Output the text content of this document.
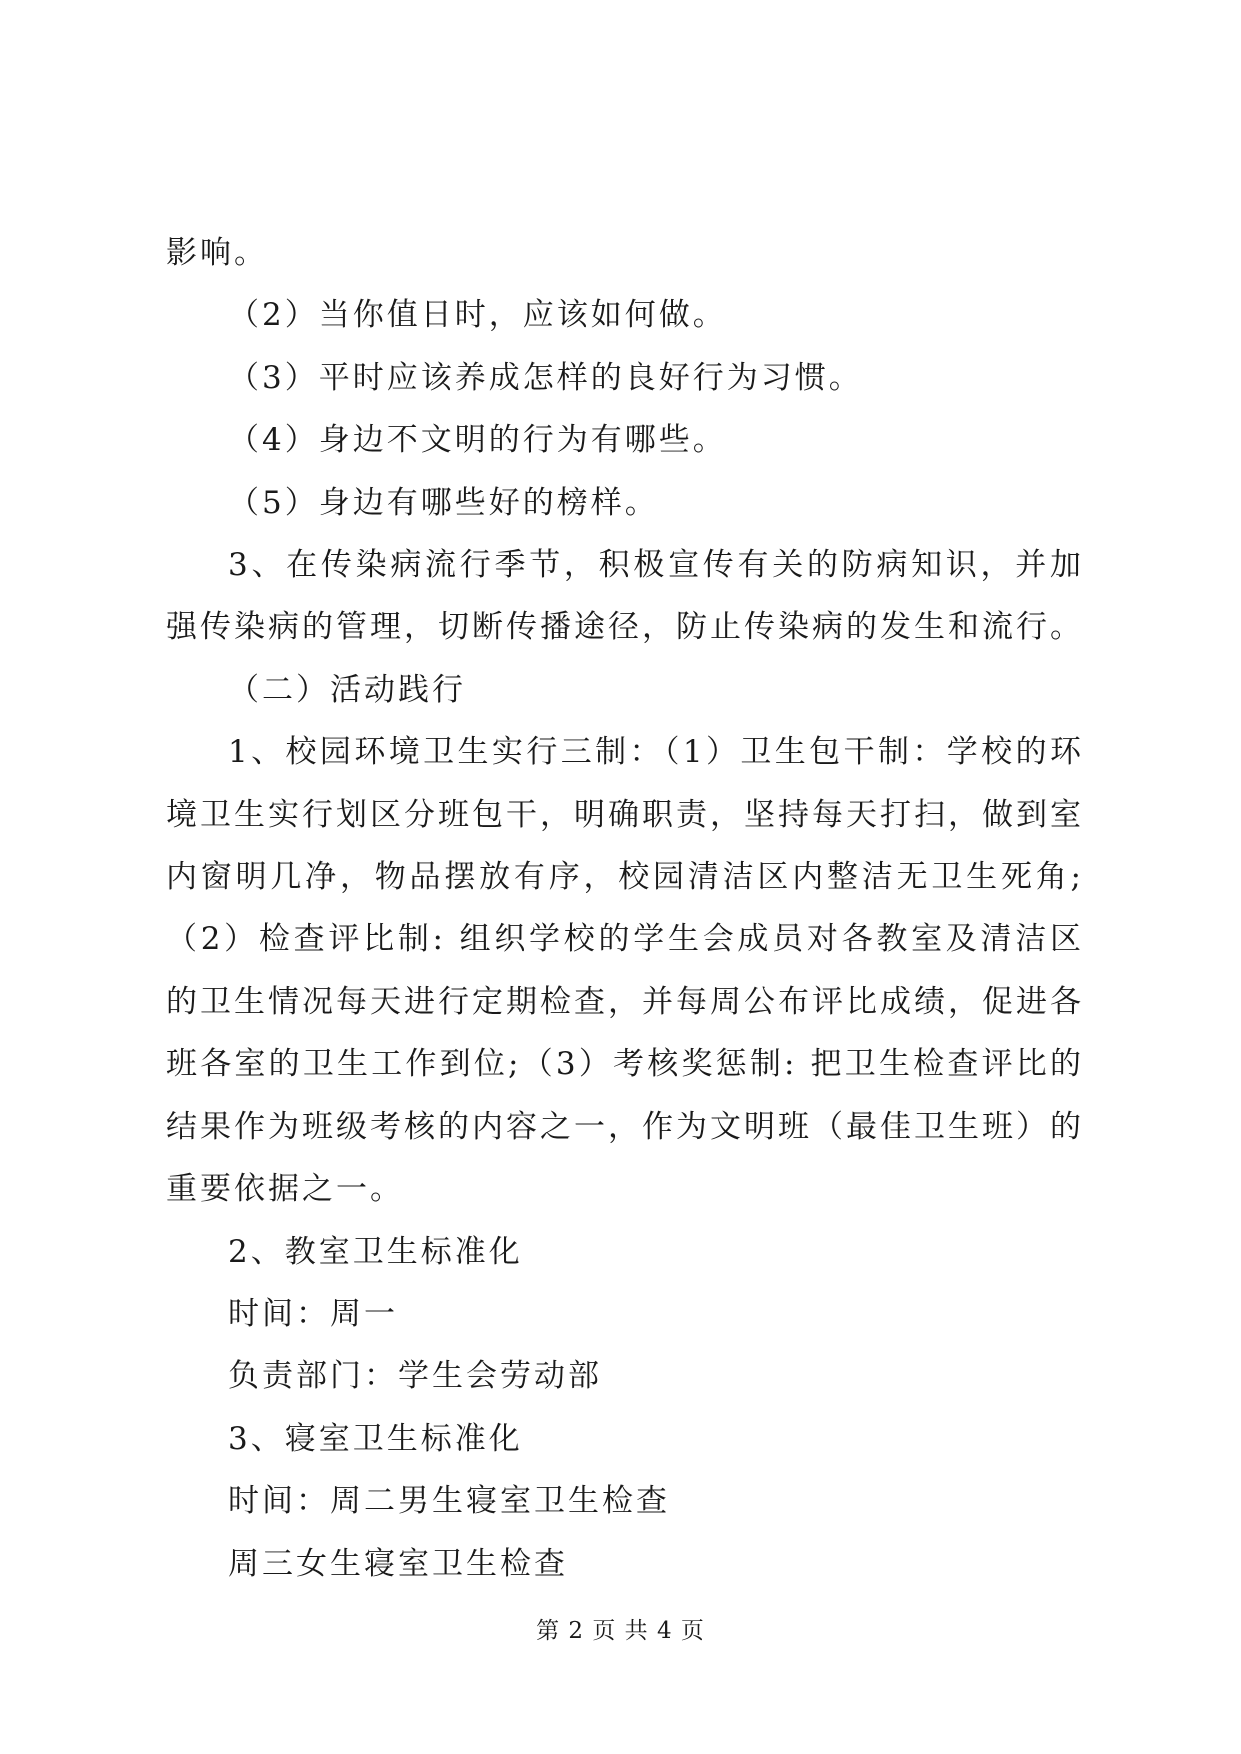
影响。

（2）当你值日时，应该如何做。

（3）平时应该养成怎样的良好行为习惯。

（4）身边不文明的行为有哪些。

（5）身边有哪些好的榜样。

3、在传染病流行季节，积极宣传有关的防病知识，并加强传染病的管理，切断传播途径，防止传染病的发生和流行。

（二）活动践行

1、校园环境卫生实行三制：（1）卫生包干制：学校的环境卫生实行划区分班包干，明确职责，坚持每天打扫，做到室内窗明几净，物品摆放有序，校园清洁区内整洁无卫生死角;（2）检查评比制: 组织学校的学生会成员对各教室及清洁区的卫生情况每天进行定期检查，并每周公布评比成绩，促进各班各室的卫生工作到位;（3）考核奖惩制: 把卫生检查评比的结果作为班级考核的内容之一，作为文明班（最佳卫生班）的重要依据之一。

2、教室卫生标准化

时间：周一

负责部门：学生会劳动部

3、寝室卫生标准化

时间：周二男生寝室卫生检查

周三女生寝室卫生检查

第 2 页 共 4 页
